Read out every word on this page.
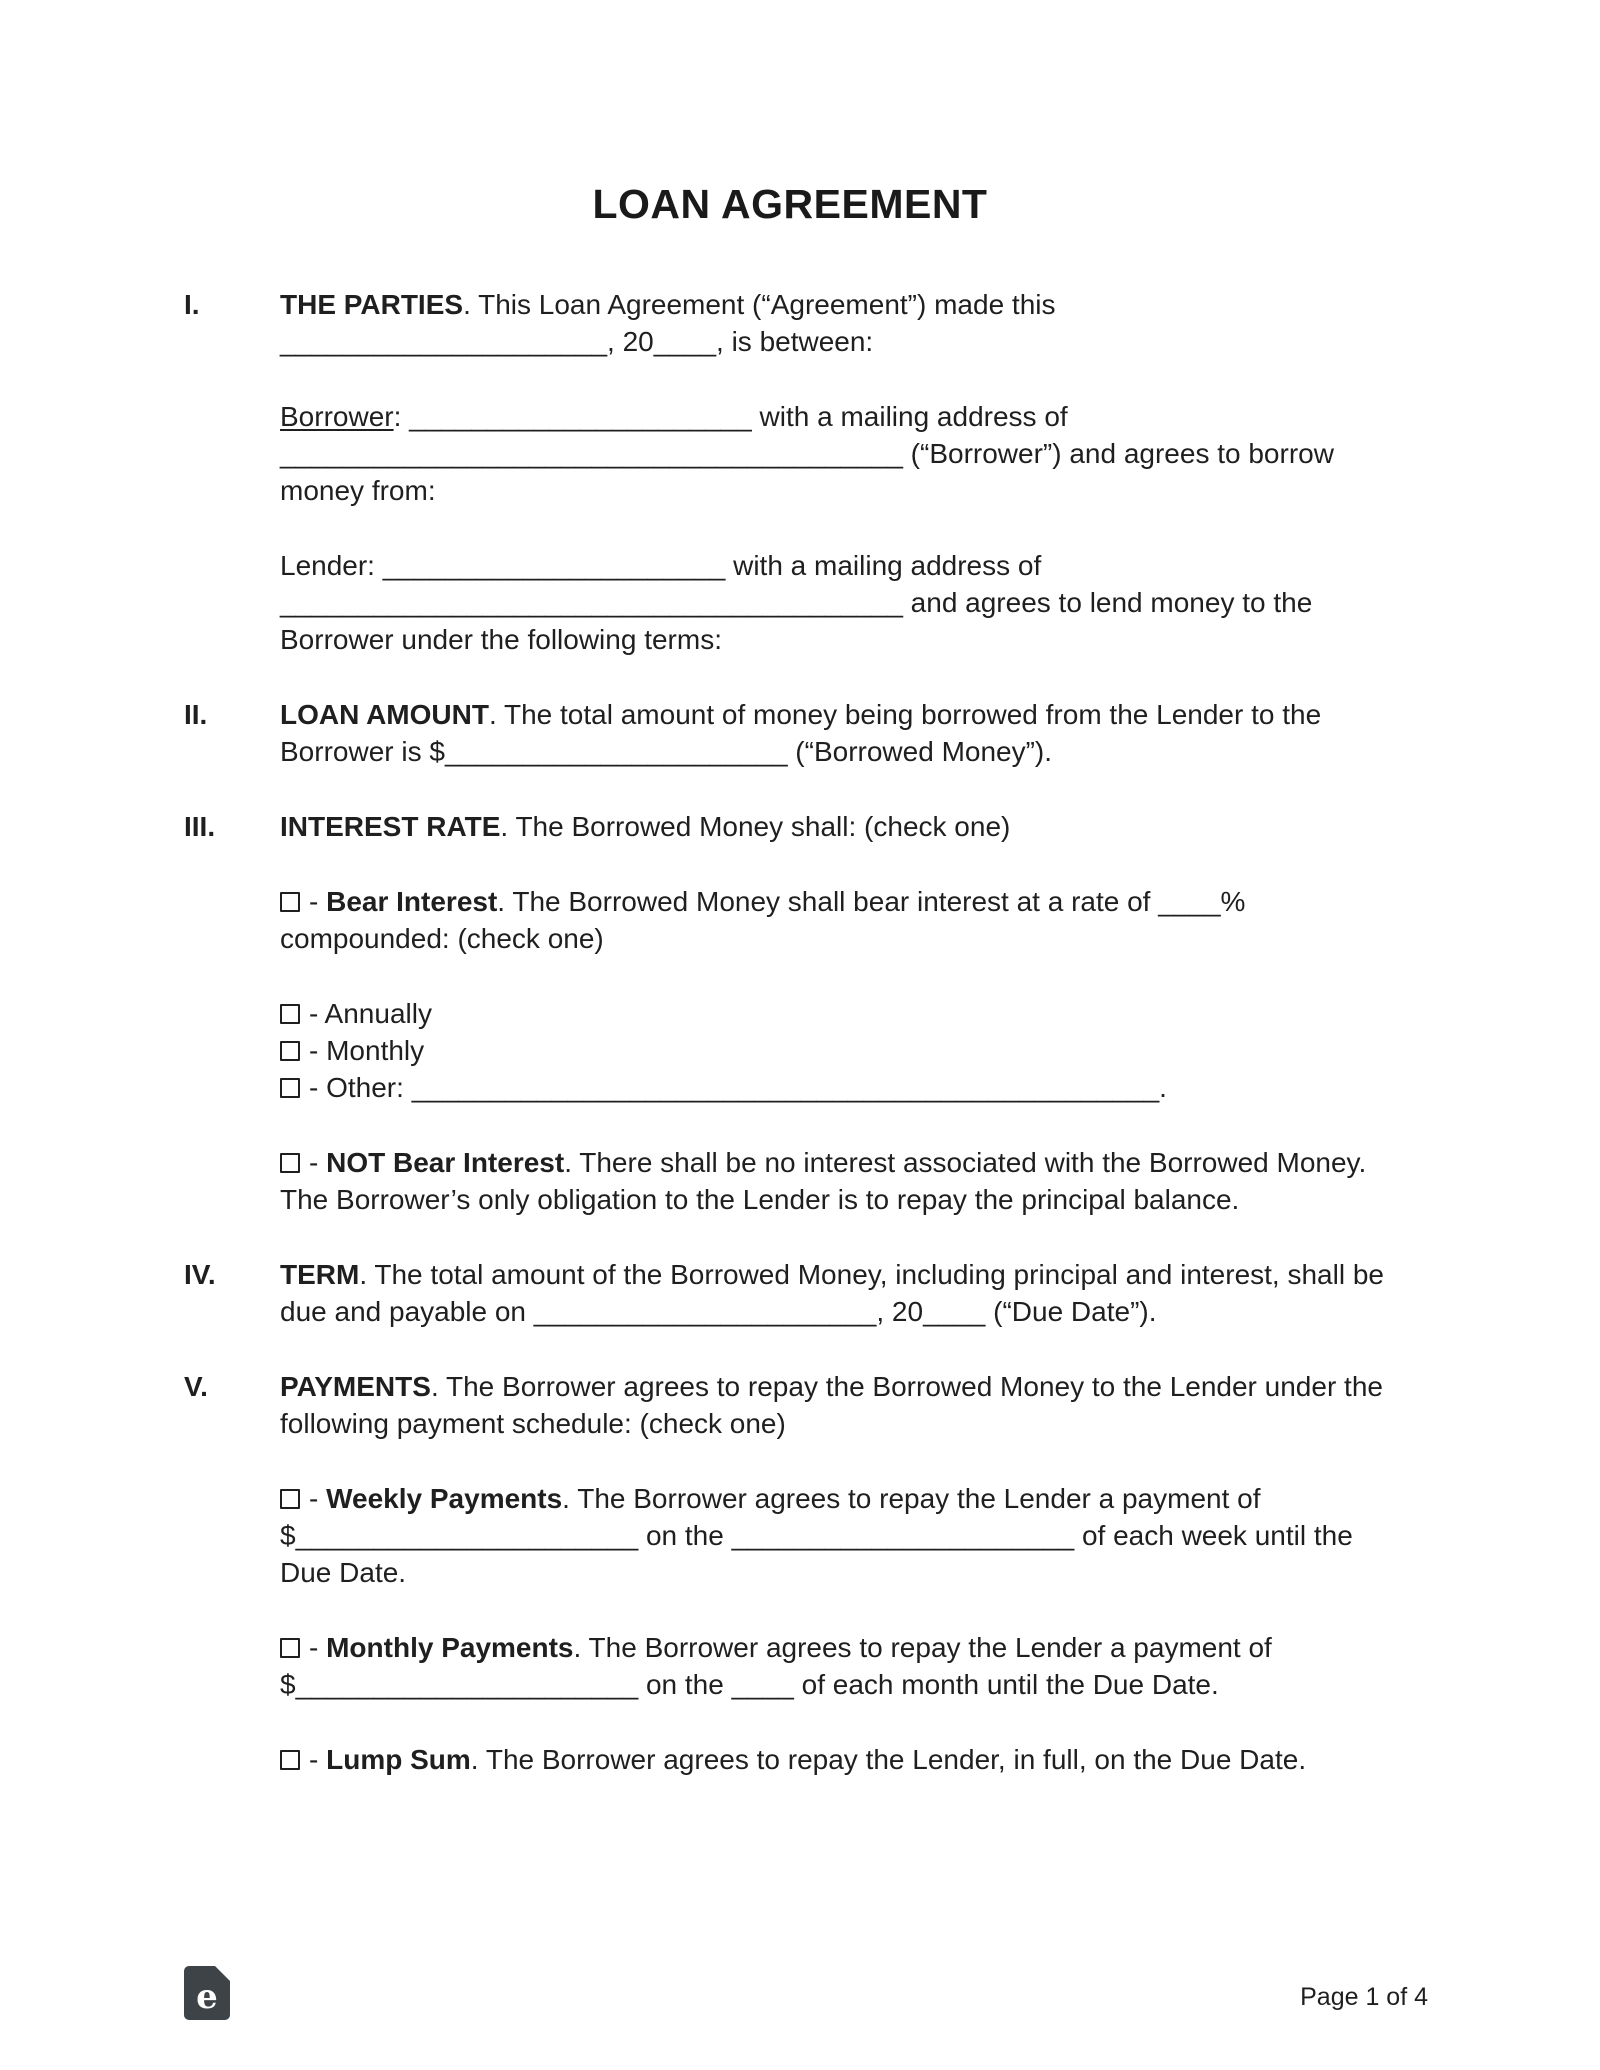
LOAN AGREEMENT
I.	THE PARTIES. This Loan Agreement (“Agreement”) made this _____________________, 20____, is between:

Borrower: ______________________ with a mailing address of ________________________________________ (“Borrower”) and agrees to borrow money from:

Lender: ______________________ with a mailing address of ________________________________________ and agrees to lend money to the Borrower under the following terms:

II.	LOAN AMOUNT. The total amount of money being borrowed from the Lender to the Borrower is $______________________ (“Borrowed Money”).

III.	INTEREST RATE. The Borrowed Money shall: (check one)

- Bear Interest. The Borrowed Money shall bear interest at a rate of ____% compounded: (check one)

- Annually

- Monthly

- Other: ________________________________________________.

- NOT Bear Interest. There shall be no interest associated with the Borrowed Money. The Borrower’s only obligation to the Lender is to repay the principal balance.

IV.	TERM. The total amount of the Borrowed Money, including principal and interest, shall be due and payable on ______________________, 20____ (“Due Date”).

V.	PAYMENTS. The Borrower agrees to repay the Borrowed Money to the Lender under the following payment schedule: (check one)

- Weekly Payments. The Borrower agrees to repay the Lender a payment of $______________________ on the ______________________ of each week until the Due Date.

- Monthly Payments. The Borrower agrees to repay the Lender a payment of $______________________ on the ____ of each month until the Due Date.

- Lump Sum. The Borrower agrees to repay the Lender, in full, on the Due Date.

e	Page 1 of 4
